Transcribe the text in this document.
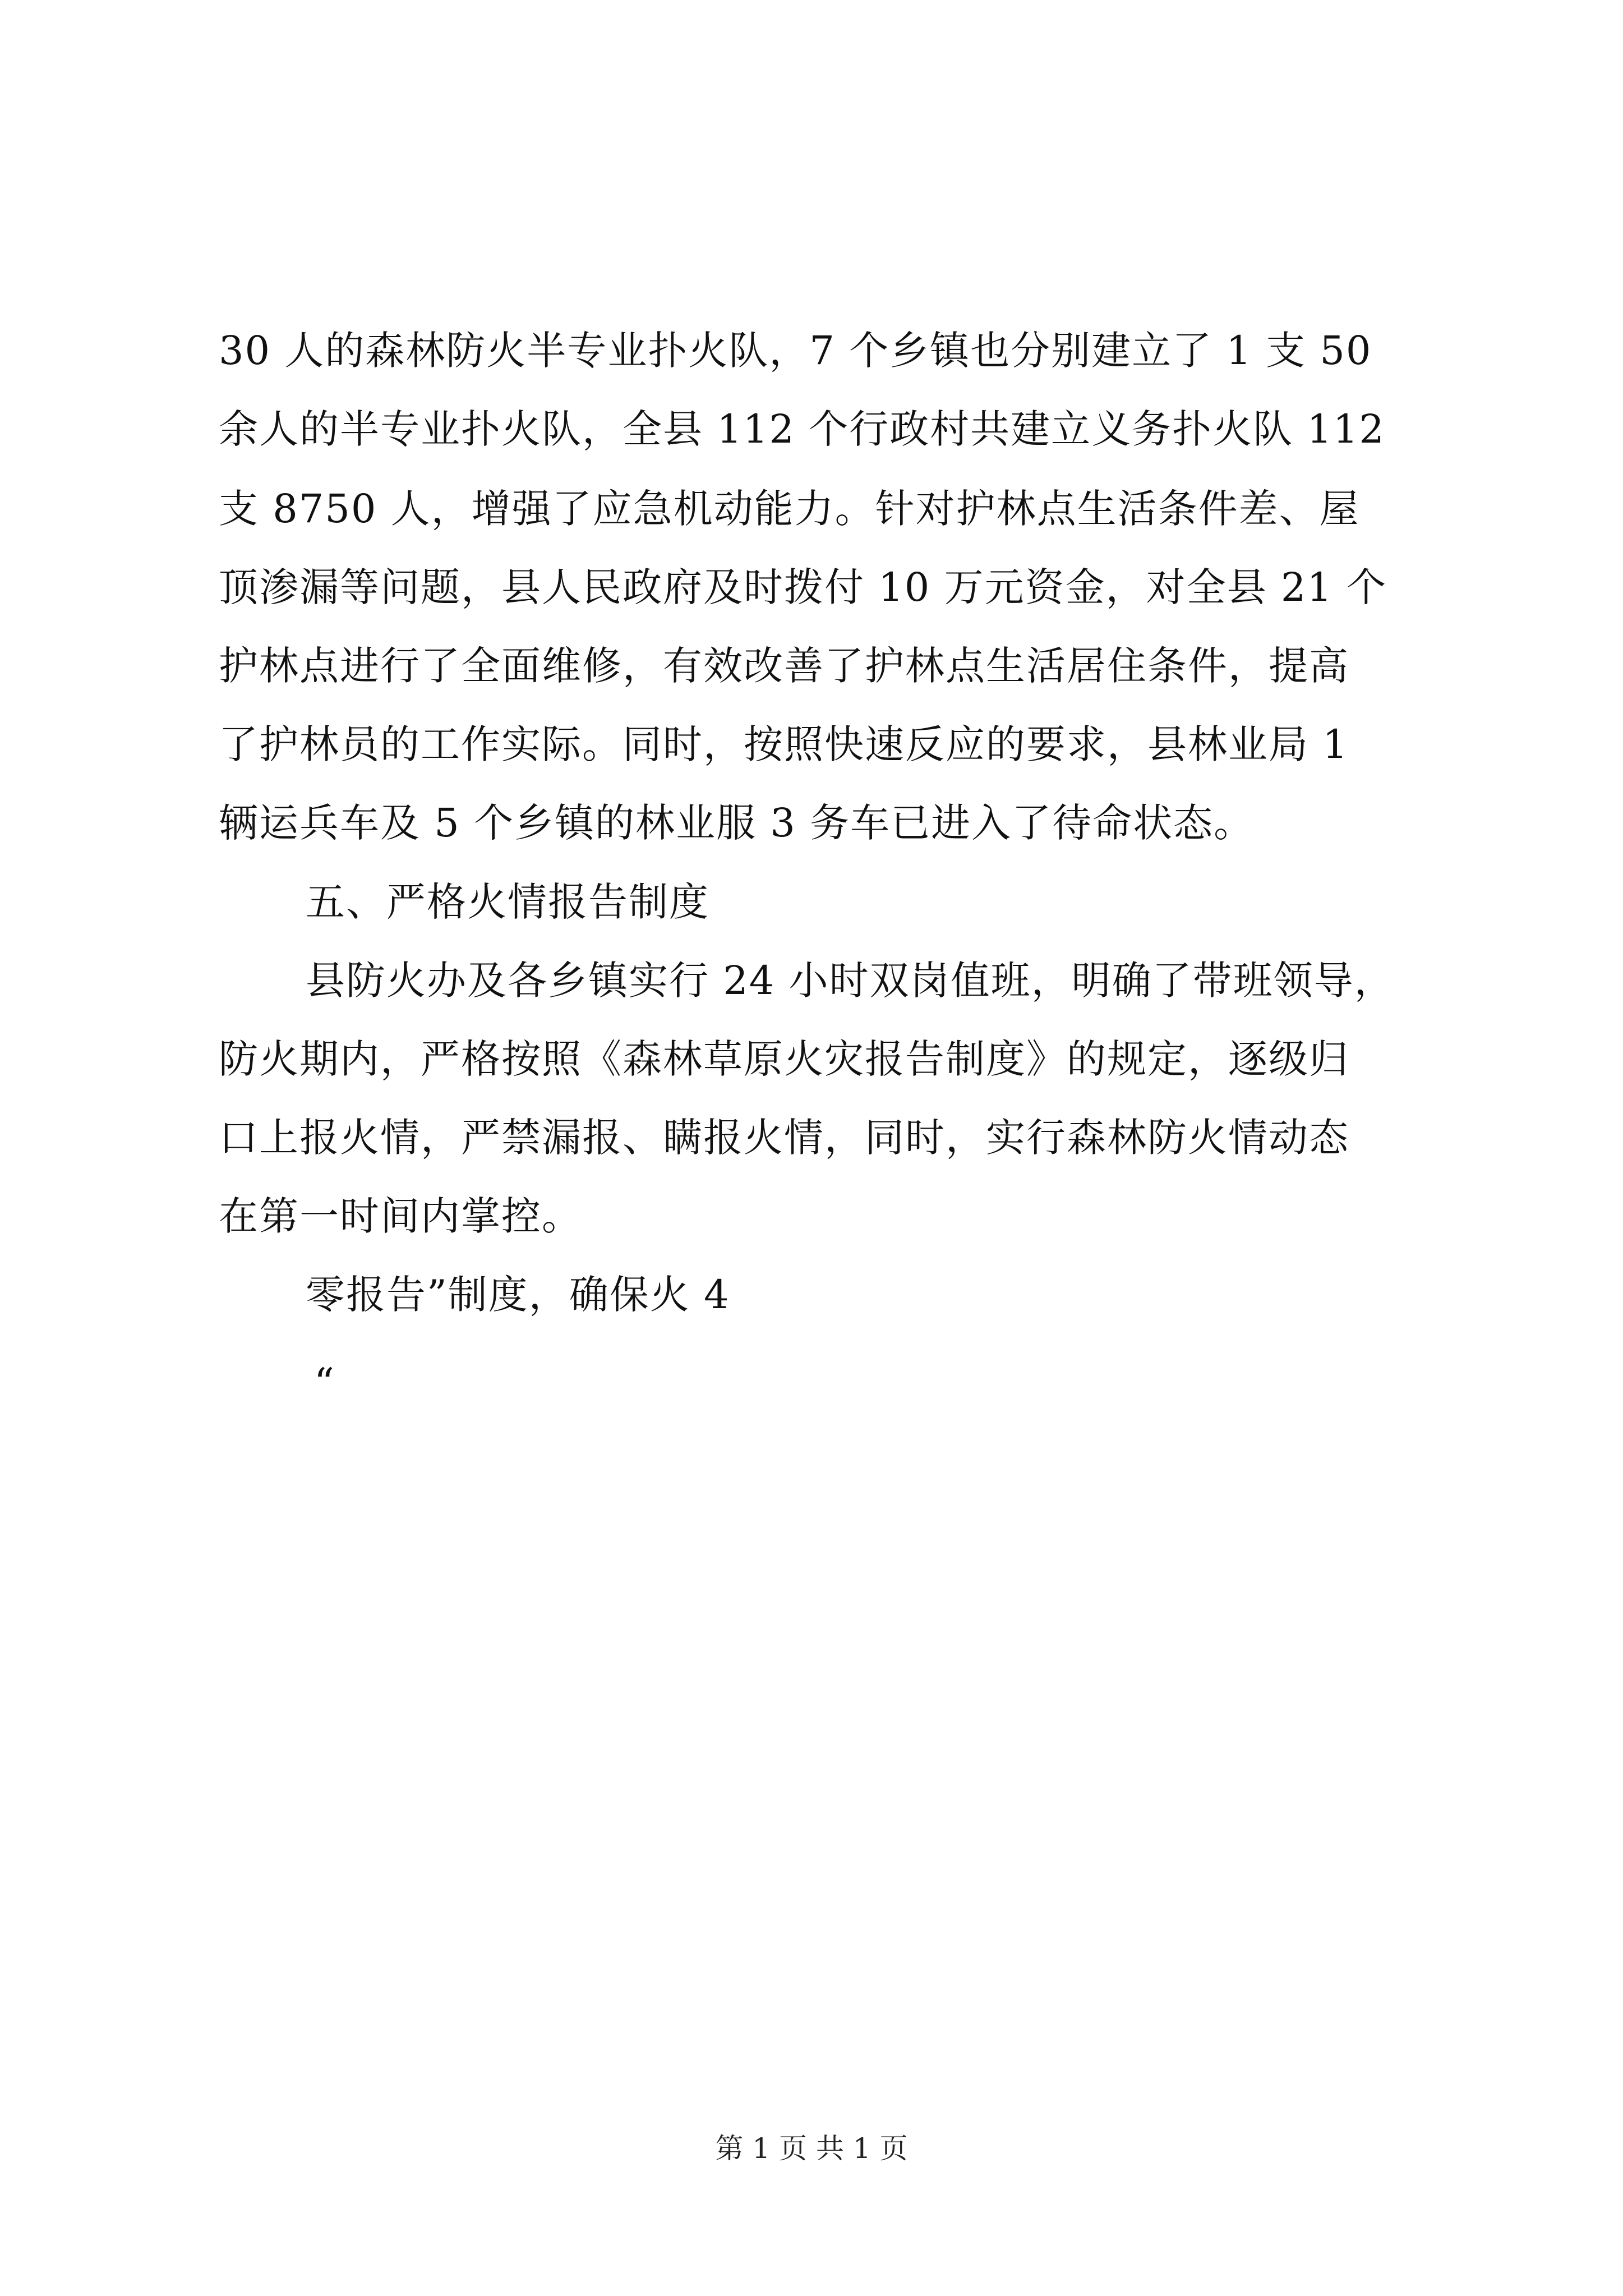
30 人的森林防火半专业扑火队，7 个乡镇也分别建立了 1 支 50
余人的半专业扑火队，全县 112 个行政村共建立义务扑火队 112
支 8750 人，增强了应急机动能力。针对护林点生活条件差、屋
顶渗漏等问题，县人民政府及时拨付 10 万元资金，对全县 21 个
护林点进行了全面维修，有效改善了护林点生活居住条件，提高
了护林员的工作实际。同时，按照快速反应的要求，县林业局 1
辆运兵车及 5 个乡镇的林业服 3 务车已进入了待命状态。
五、严格火情报告制度
县防火办及各乡镇实行 24 小时双岗值班，明确了带班领导，
防火期内，严格按照《森林草原火灾报告制度》的规定，逐级归
口上报火情，严禁漏报、瞒报火情，同时，实行森林防火情动态
在第一时间内掌控。
零报告”制度，确保火 4
“
第 1 页 共 1 页
